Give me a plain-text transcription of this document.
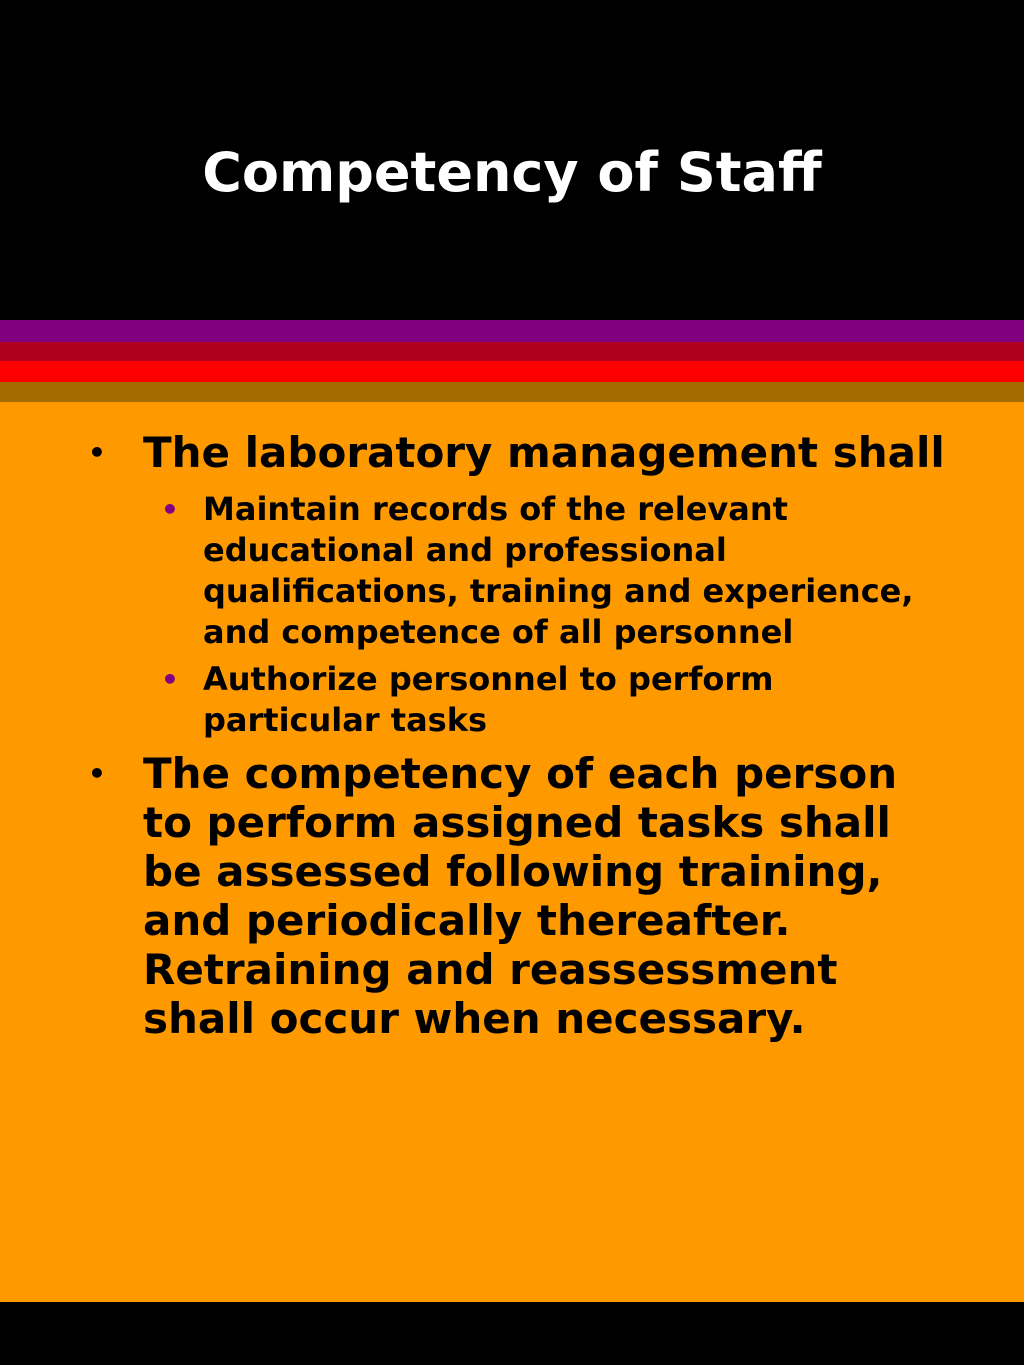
Competency of Staff
• The laboratory management shall
• Maintain records of the relevant educational and professional qualifications, training and experience, and competence of all personnel
• Authorize personnel to perform particular tasks
• The competency of each person to perform assigned tasks shall be assessed following training, and periodically thereafter. Retraining and reassessment shall occur when necessary.
